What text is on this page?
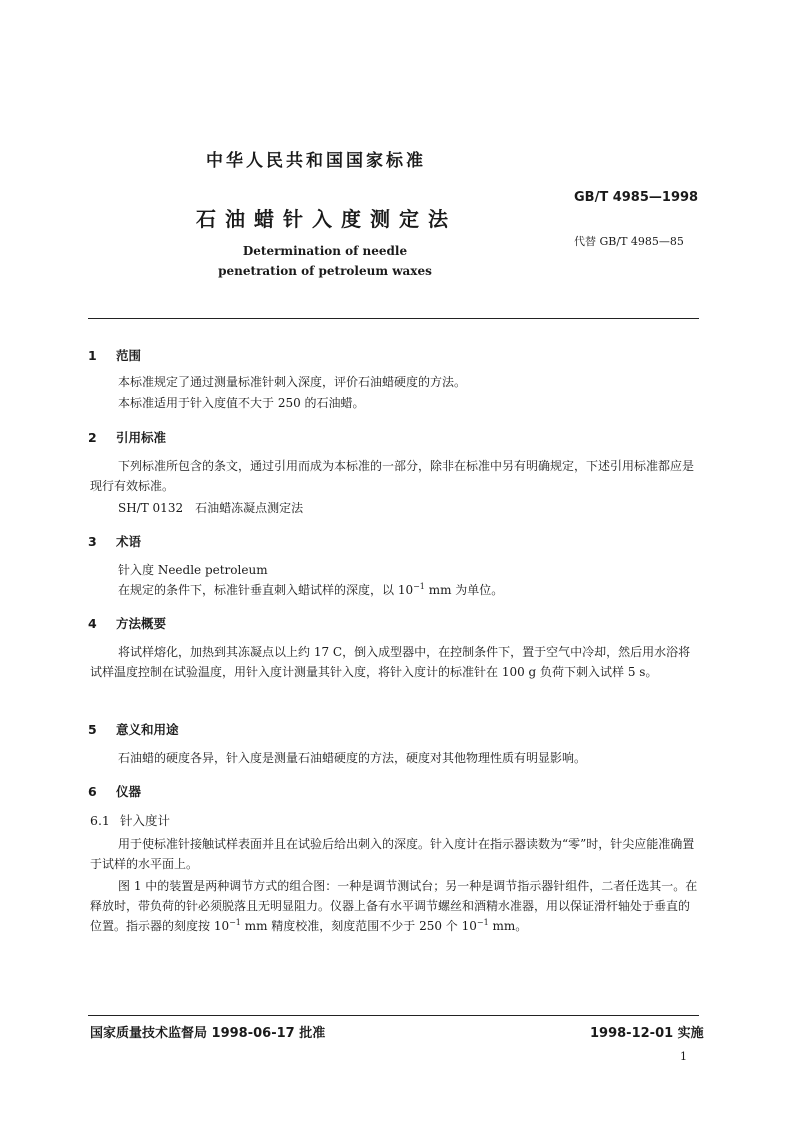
中华人民共和国国家标准
GB/T 4985—1998
石油蜡针入度测定法
代替 GB/T 4985—85
Determination of needle
penetration of petroleum waxes
1 范围

本标准规定了通过测量标准针刺入深度，评价石油蜡硬度的方法。

本标准适用于针入度值不大于 250 的石油蜡。

2 引用标准

下列标准所包含的条文，通过引用而成为本标准的一部分，除非在标准中另有明确规定，下述引用标准都应是现行有效标准。

SH/T 0132　石油蜡冻凝点测定法

3 术语

针入度 Needle petroleum

在规定的条件下，标准针垂直刺入蜡试样的深度，以 $10^{-1}$ mm 为单位。

4 方法概要

将试样熔化，加热到其冻凝点以上约 17 C，倒入成型器中，在控制条件下，置于空气中冷却，然后用水浴将试样温度控制在试验温度，用针入度计测量其针入度，将针入度计的标准针在 100 g 负荷下刺入试样 5 s。

5 意义和用途

石油蜡的硬度各异，针入度是测量石油蜡硬度的方法，硬度对其他物理性质有明显影响。

6 仪器
6.1 针入度计

用于使标准针接触试样表面并且在试验后给出刺入的深度。针入度计在指示器读数为“零”时，针尖应能准确置于试样的水平面上。

图 1 中的装置是两种调节方式的组合图：一种是调节测试台；另一种是调节指示器针组件，二者任选其一。在释放时，带负荷的针必须脱落且无明显阻力。仪器上备有水平调节螺丝和酒精水准器，用以保证滑杆轴处于垂直的位置。指示器的刻度按 $10^{-1}$ mm 精度校准，刻度范围不少于 250 个 $10^{-1}$ mm。

国家质量技术监督局 1998-06-17 批准	1998-12-01 实施
1
